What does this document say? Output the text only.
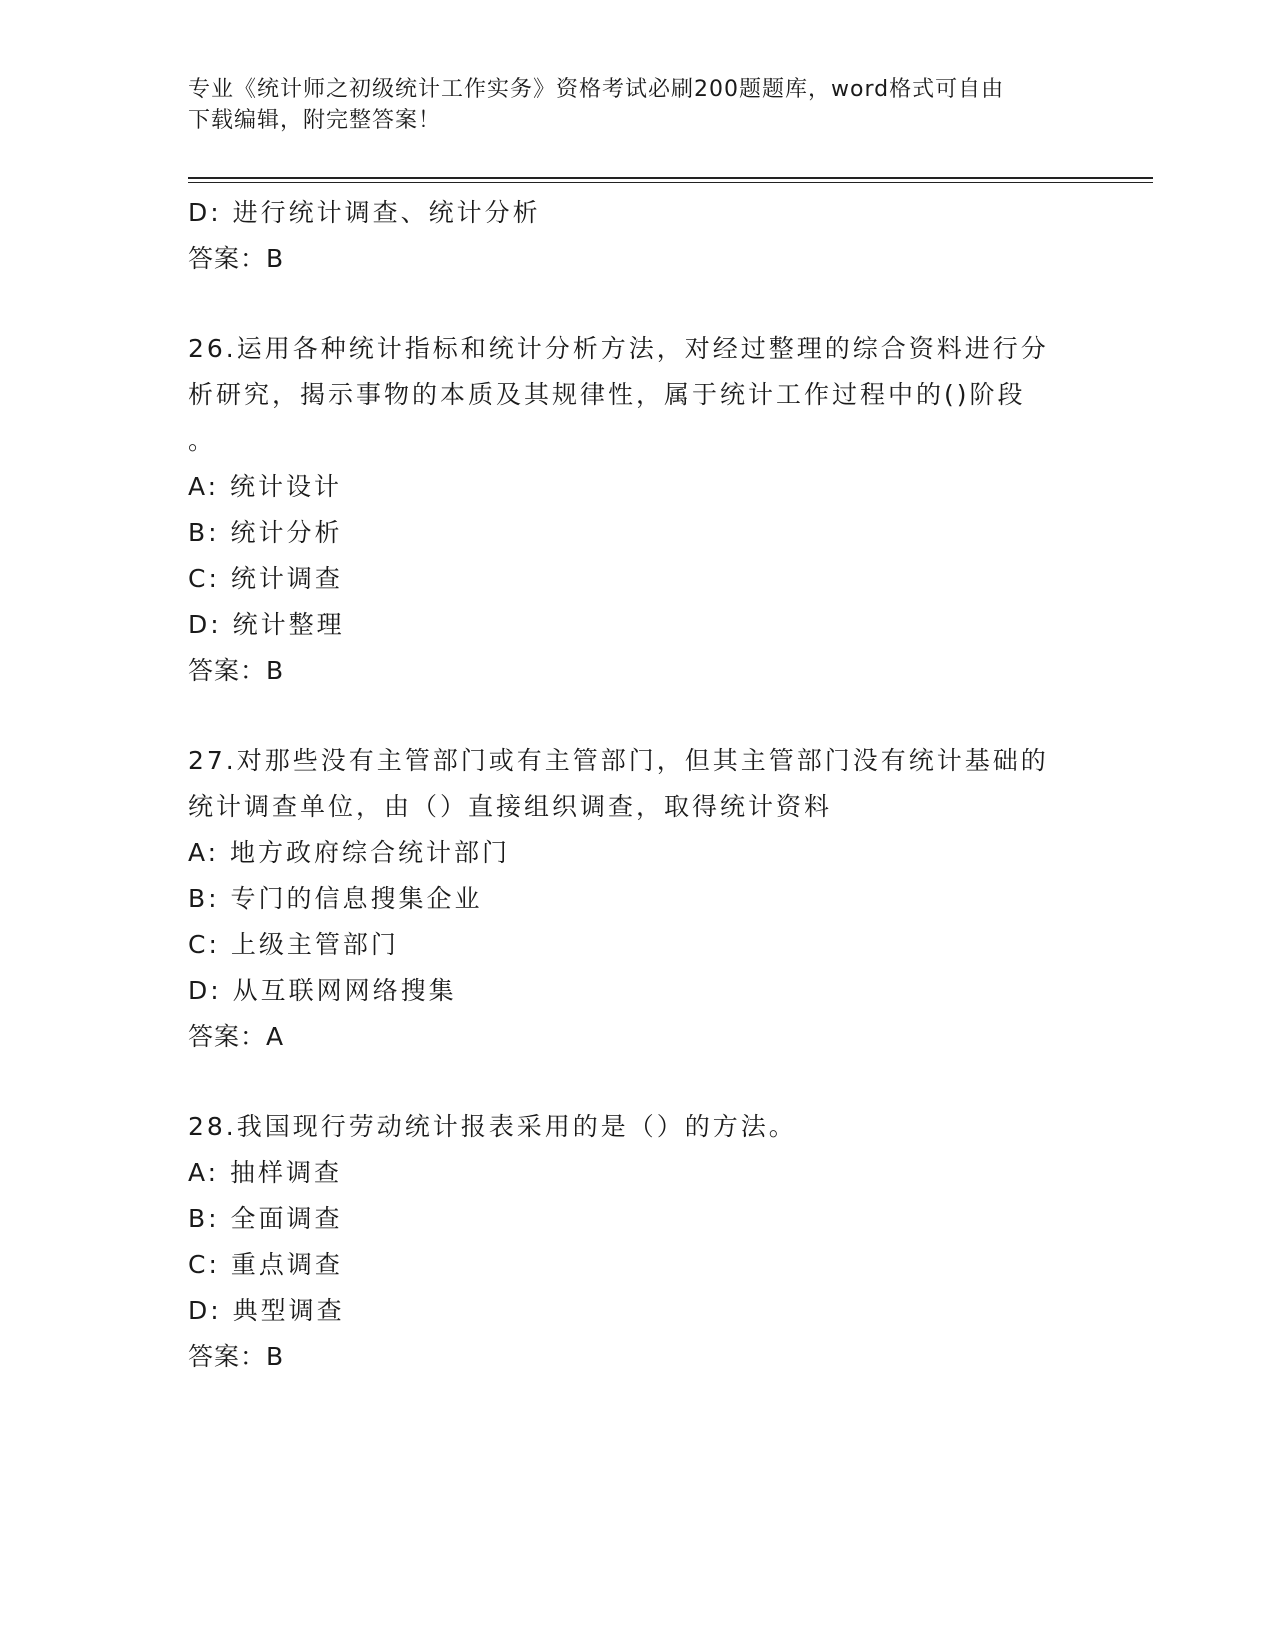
专业《统计师之初级统计工作实务》资格考试必刷200题题库，word格式可自由
下载编辑，附完整答案！
D: 进行统计调查、统计分析
答案：B
26.运用各种统计指标和统计分析方法，对经过整理的综合资料进行分
析研究，揭示事物的本质及其规律性，属于统计工作过程中的()阶段
。
A: 统计设计
B: 统计分析
C: 统计调查
D: 统计整理
答案：B
27.对那些没有主管部门或有主管部门，但其主管部门没有统计基础的
统计调查单位，由（）直接组织调查，取得统计资料
A: 地方政府综合统计部门
B: 专门的信息搜集企业
C: 上级主管部门
D: 从互联网网络搜集
答案：A
28.我国现行劳动统计报表采用的是（）的方法。
A: 抽样调查
B: 全面调查
C: 重点调查
D: 典型调查
答案：B
